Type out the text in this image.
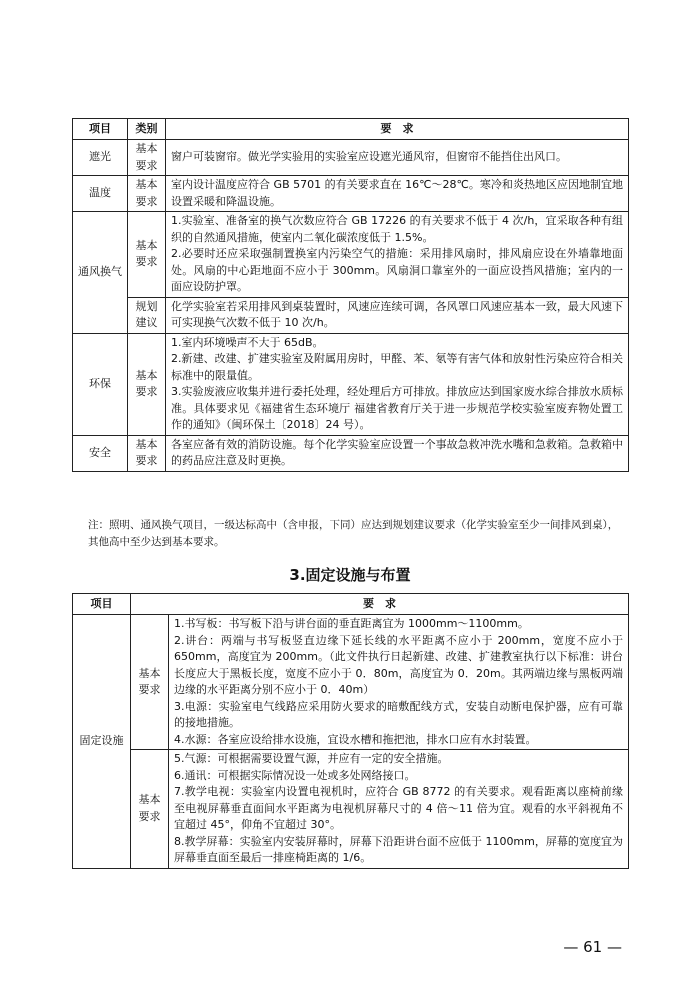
项目	类别	要　求
遮光	基本要求	窗户可装窗帘。做光学实验用的实验室应设遮光通风帘，但窗帘不能挡住出风口。
温度	基本要求	室内设计温度应符合 GB 5701 的有关要求直在 16℃～28℃。寒冷和炎热地区应因地制宜地设置采暖和降温设施。
通风换气	基本要求	1.实验室、准备室的换气次数应符合 GB 17226 的有关要求不低于 4 次/h，宜采取各种有组织的自然通风措施，使室内二氧化碳浓度低于 1.5%。
2.必要时还应采取强制置换室内污染空气的措施：采用排风扇时，排风扇应设在外墙靠地面处。风扇的中心距地面不应小于 300mm。风扇洞口靠室外的一面应设挡风措施；室内的一面应设防护罩。

	规划建议	化学实验室若采用排风到桌装置时，风速应连续可调，各风罩口风速应基本一致，最大风速下可实现换气次数不低于 10 次/h。
环保	基本要求	1.室内环境噪声不大于 65dB。
2.新建、改建、扩建实验室及附属用房时，甲醛、苯、氡等有害气体和放射性污染应符合相关标准中的限量值。
3.实验废液应收集并进行委托处理，经处理后方可排放。排放应达到国家废水综合排放水质标准。具体要求见《福建省生态环境厅 福建省教育厅关于进一步规范学校实验室废弃物处置工作的通知》（闽环保土〔2018〕24 号）。

安全	基本要求	各室应备有效的消防设施。每个化学实验室应设置一个事故急救冲洗水嘴和急救箱。急救箱中的药品应注意及时更换。
注：照明、通风换气项目，一级达标高中（含申报，下同）应达到规划建议要求（化学实验室至少一间排风到桌），其他高中至少达到基本要求。
3.固定设施与布置
项目	要　求	
固定设施	基本要求	1.书写板：书写板下沿与讲台面的垂直距离宜为 1000mm～1100mm。
2.讲台：两端与书写板竖直边缘下延长线的水平距离不应小于 200mm，宽度不应小于 650mm，高度宜为 200mm。（此文件执行日起新建、改建、扩建教室执行以下标准：讲台长度应大于黑板长度，宽度不应小于 0．80m，高度宜为 0．20m。其两端边缘与黑板两端边缘的水平距离分别不应小于 0．40m）
3.电源：实验室电气线路应采用防火要求的暗敷配线方式，安装自动断电保护器，应有可靠的接地措施。
4.水源：各室应设给排水设施，宜设水槽和拖把池，排水口应有水封装置。

	基本要求	5.气源：可根据需要设置气源，并应有一定的安全措施。
6.通讯：可根据实际情况设一处或多处网络接口。
7.教学电视：实验室内设置电视机时，应符合 GB 8772 的有关要求。观看距离以座椅前缘至电视屏幕垂直面间水平距离为电视机屏幕尺寸的 4 倍～11 倍为宜。观看的水平斜视角不宜超过 45°，仰角不宜超过 30°。
8.教学屏幕：实验室内安装屏幕时，屏幕下沿距讲台面不应低于 1100mm，屏幕的宽度宜为屏幕垂直面至最后一排座椅距离的 1/6。
— 61 —
